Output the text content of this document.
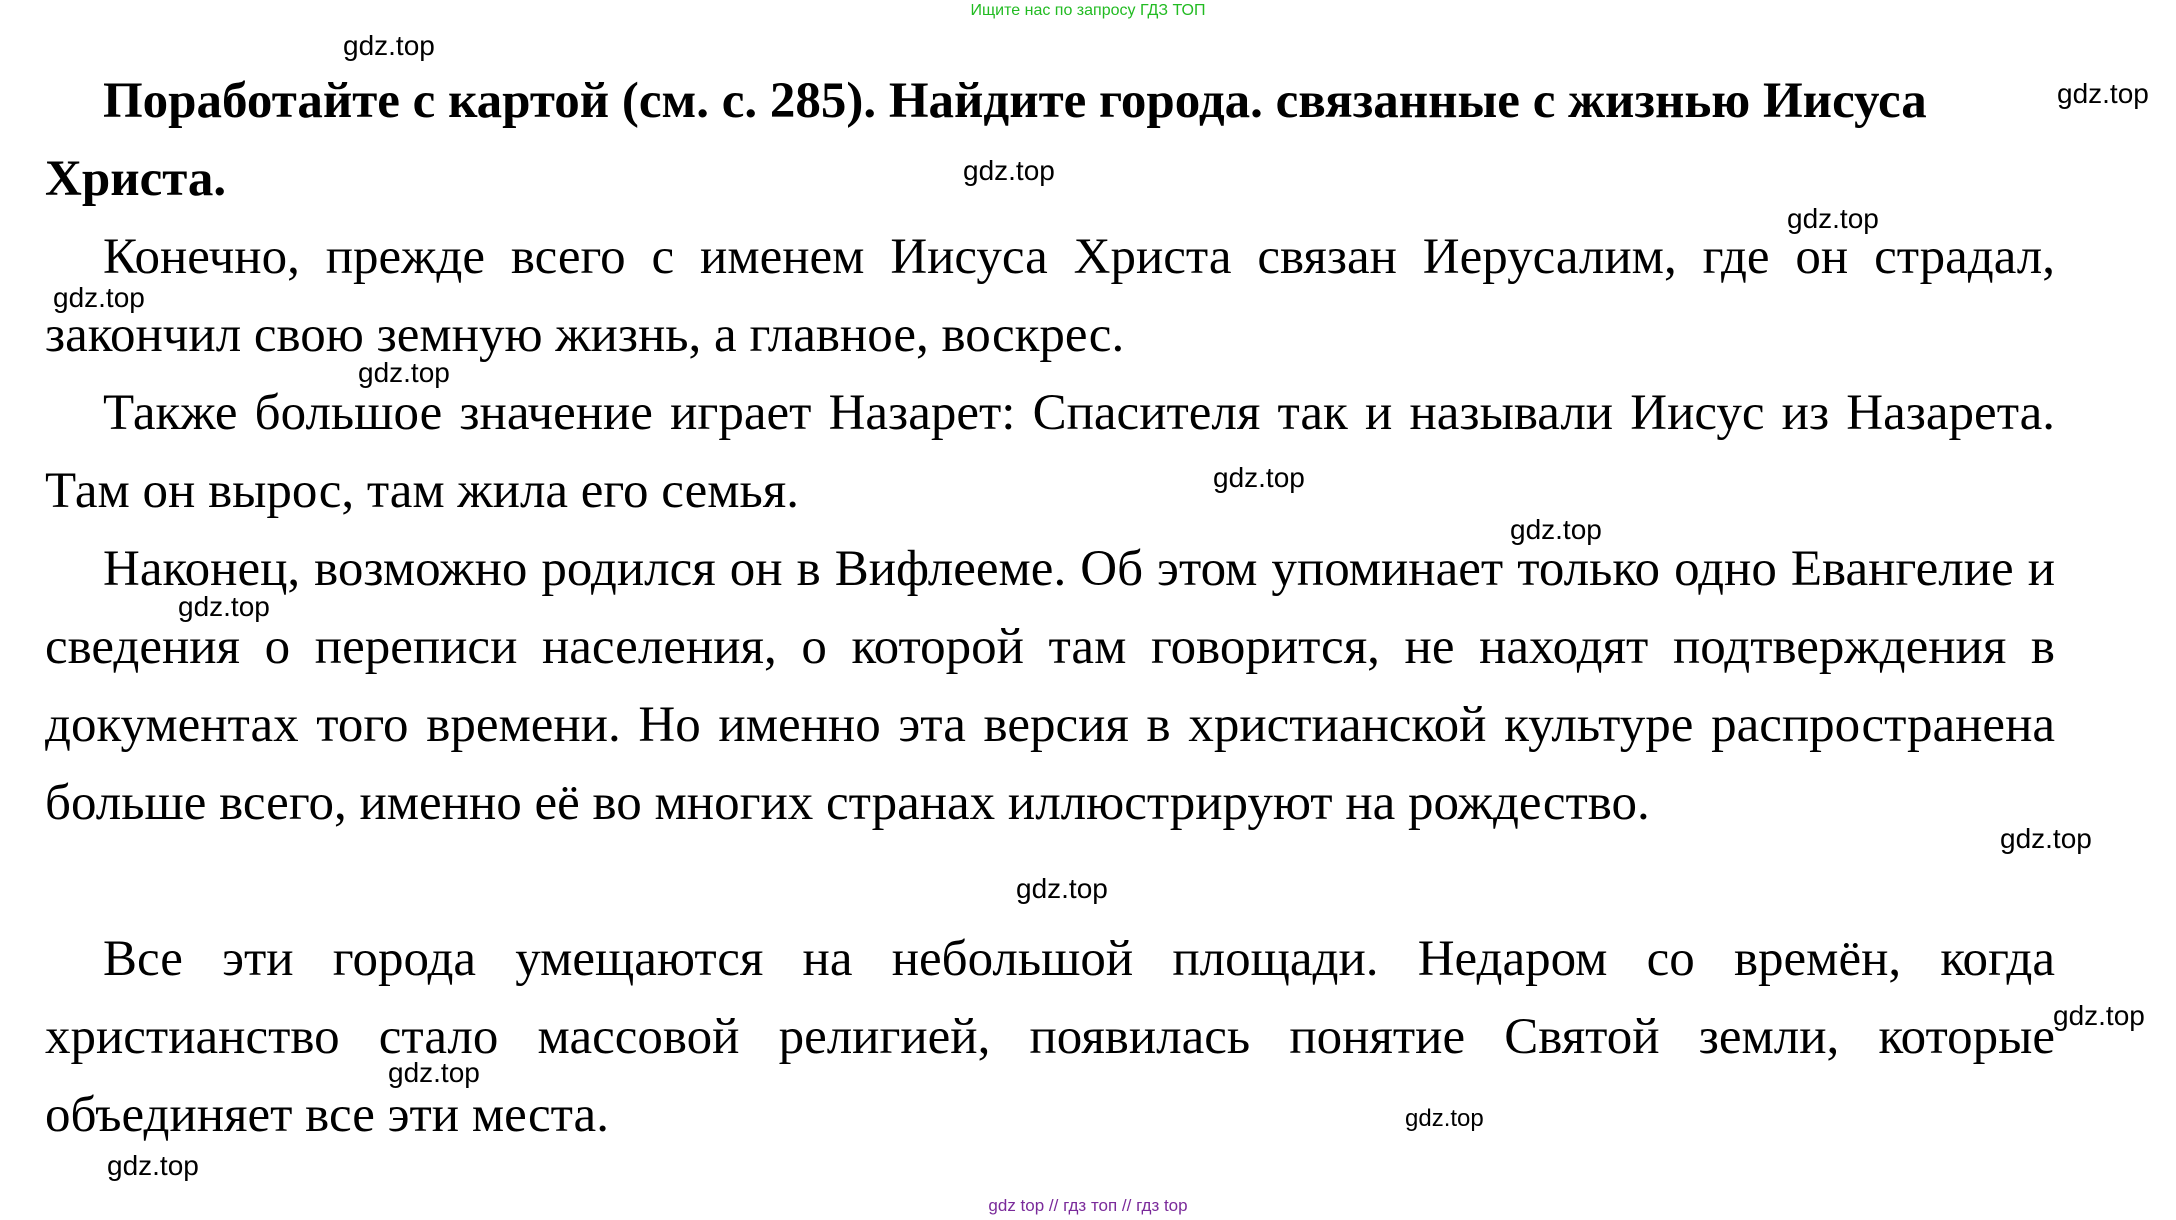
Ищите нас по запросу ГДЗ ТОП

Поработайте с картой (см. с. 285). Найдите города. связанные с жизнью Иисуса Христа.

Конечно, прежде всего с именем Иисуса Христа связан Иерусалим, где он страдал, закончил свою земную жизнь, а главное, воскрес.

Также большое значение играет Назарет: Спасителя так и называли Иисус из Назарета. Там он вырос, там жила его семья.

Наконец, возможно родился он в Вифлееме. Об этом упоминает только одно Евангелие и сведения о переписи населения, о которой там говорится, не находят подтверждения в документах того времени. Но именно эта версия в христианской культуре распространена больше всего, именно её во многих странах иллюстрируют на рождество.

Все эти города умещаются на небольшой площади. Недаром со времён, когда христианство стало массовой религией, появилась понятие Святой земли, которые объединяет все эти места.

gdz.top
gdz.top
gdz.top
gdz.top
gdz.top
gdz.top
gdz.top
gdz.top
gdz.top
gdz.top
gdz.top
gdz.top
gdz.top
gdz.top
gdz.top
gdz top // гдз топ // гдз top
